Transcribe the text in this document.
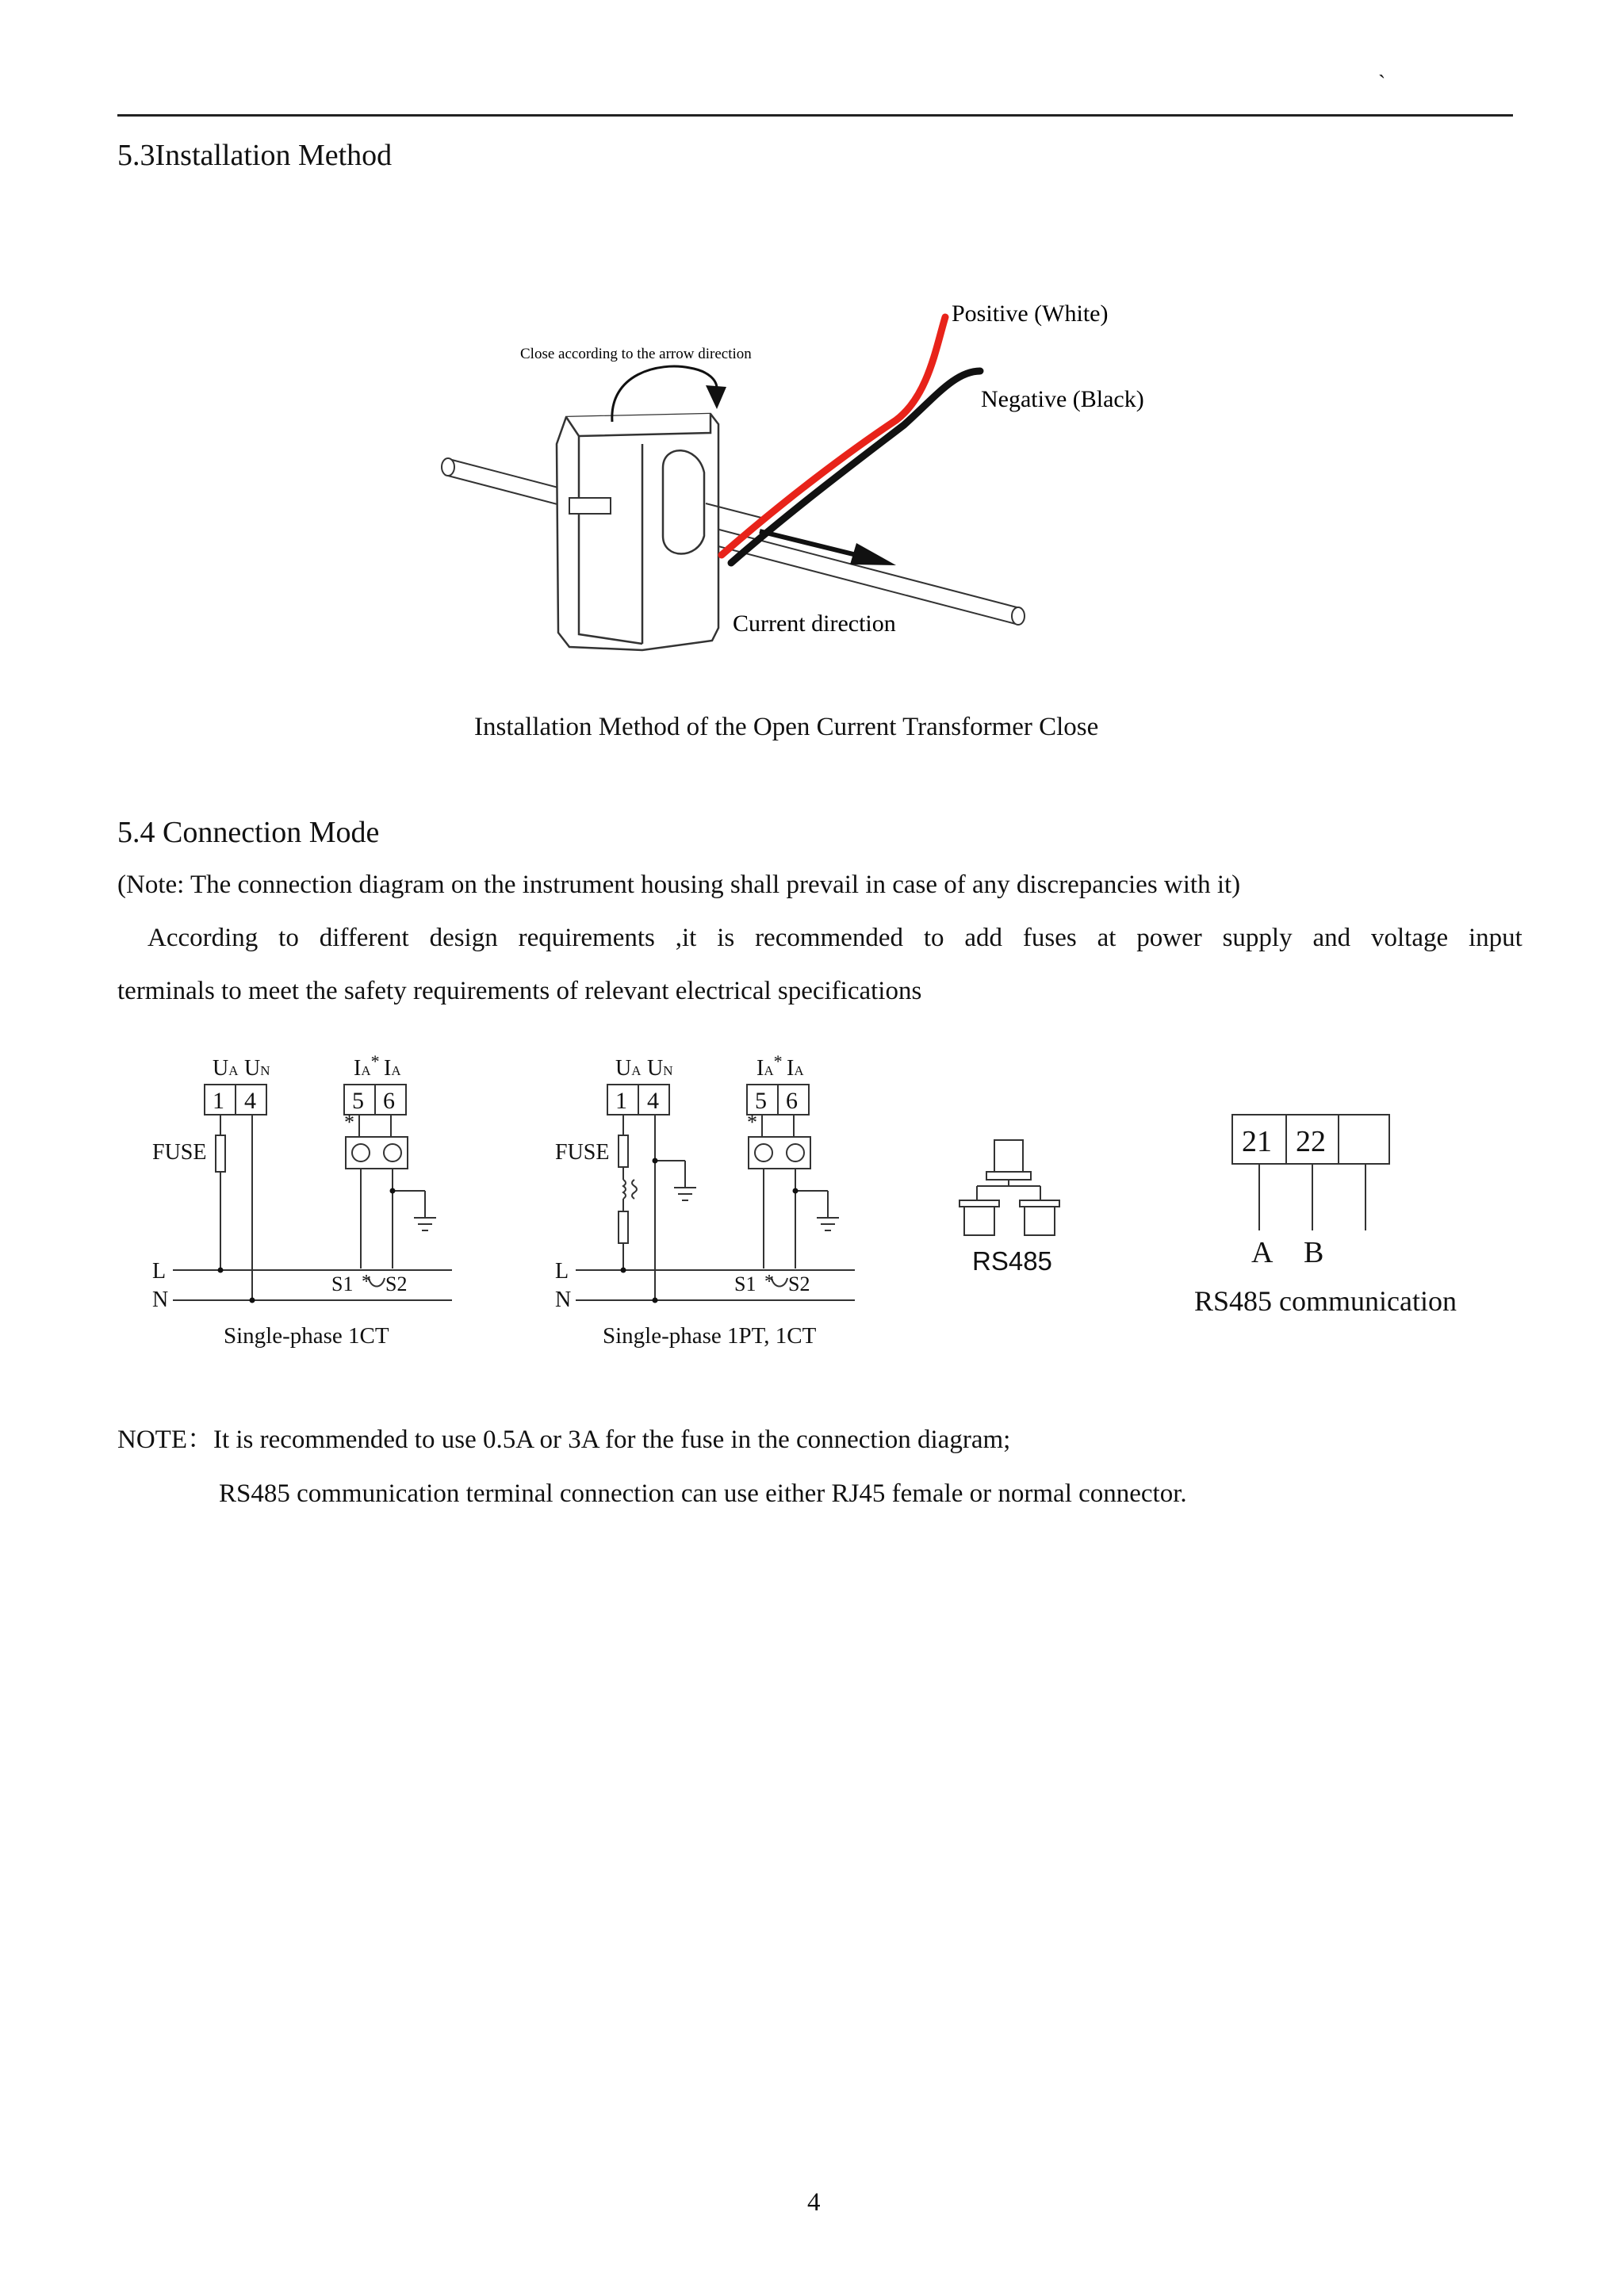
`
5.3Installation Method
Close according to the arrow direction
Positive (White)
Negative (Black)
Current direction
Installation Method of the Open Current Transformer Close
5.4 Connection Mode
(Note: The connection diagram on the instrument housing shall prevail in case of any discrepancies with it)
According to different design requirements ,it is recommended to add fuses at power supply and voltage input
terminals to meet the safety requirements of relevant electrical specifications
UA UN	IA* IA
1 4	5 6
*
FUSE
L
N
S1 * S2
Single-phase 1CT
UA UN	IA* IA
1 4	5 6
*
FUSE
L
N
S1 * S2
Single-phase 1PT, 1CT
RS485
21 22
A B
RS485 communication
NOTE：It is recommended to use 0.5A or 3A for the fuse in the connection diagram;
RS485 communication terminal connection can use either RJ45 female or normal connector.
4
